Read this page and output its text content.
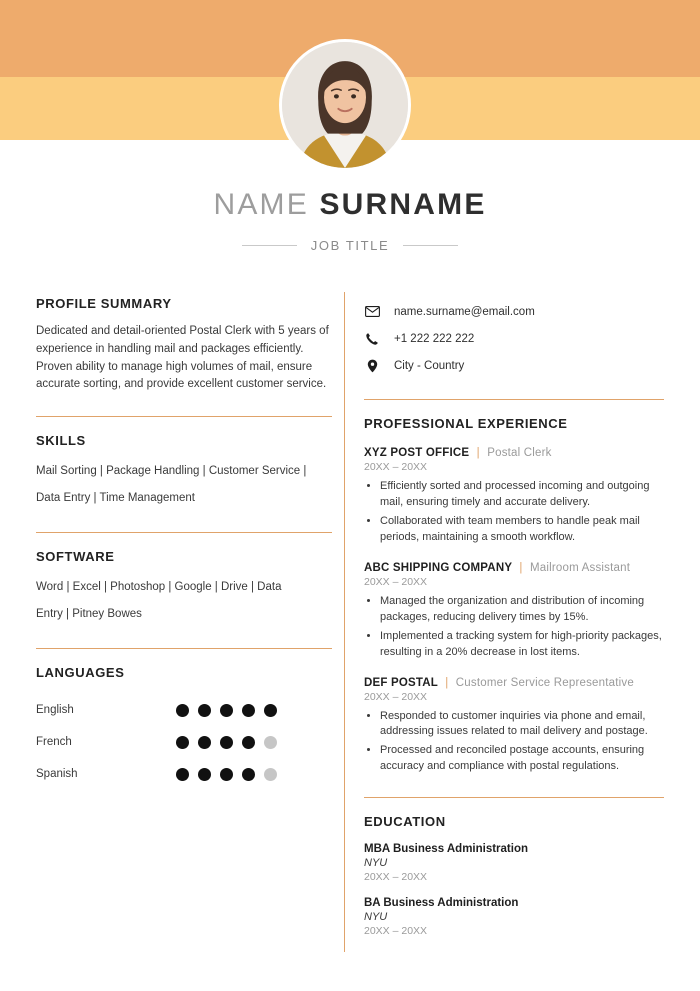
NAME SURNAME
JOB TITLE
PROFILE SUMMARY
Dedicated and detail-oriented Postal Clerk with 5 years of experience in handling mail and packages efficiently. Proven ability to manage high volumes of mail, ensure accurate sorting, and provide excellent customer service.
SKILLS
Mail Sorting | Package Handling | Customer Service |
Data Entry | Time Management
SOFTWARE
Word | Excel | Photoshop | Google | Drive | Data
Entry | Pitney Bowes
LANGUAGES
English
French
Spanish
name.surname@email.com
+1 222 222 222
City - Country
PROFESSIONAL EXPERIENCE
XYZ POST OFFICE | Postal Clerk
20XX – 20XX
• Efficiently sorted and processed incoming and outgoing mail, ensuring timely and accurate delivery.
• Collaborated with team members to handle peak mail periods, maintaining a smooth workflow.
ABC SHIPPING COMPANY | Mailroom Assistant
20XX – 20XX
• Managed the organization and distribution of incoming packages, reducing delivery times by 15%.
• Implemented a tracking system for high-priority packages, resulting in a 20% decrease in lost items.
DEF POSTAL | Customer Service Representative
20XX – 20XX
• Responded to customer inquiries via phone and email, addressing issues related to mail delivery and postage.
• Processed and reconciled postage accounts, ensuring accuracy and compliance with postal regulations.
EDUCATION
MBA Business Administration
NYU
20XX – 20XX
BA Business Administration
NYU
20XX – 20XX
